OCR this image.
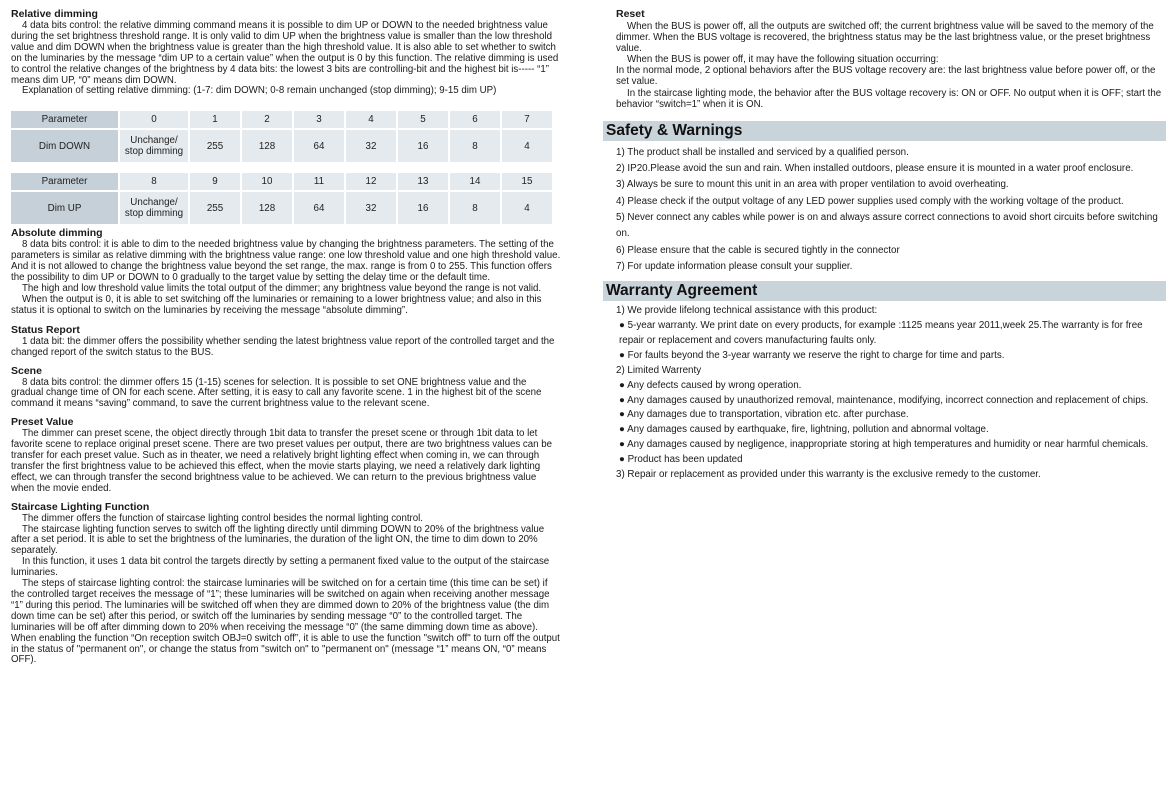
Relative dimming

4 data bits control: the relative dimming command means it is possible to dim UP or DOWN to the needed brightness value during the set brightness threshold range. It is only valid to dim UP when the brightness value is smaller than the low threshold value and dim DOWN when the brightness value is greater than the high threshold value. It is also able to set whether to switch on the luminaries by the message “dim UP to a certain value” when the output is 0 by this function. The relative dimming is used to control the relative changes of the brightness by 4 data bits: the lowest 3 bits are controlling-bit and the highest bit is----- “1” means dim UP, “0” means dim DOWN.

Explanation of setting relative dimming: (1-7: dim DOWN; 0-8 remain unchanged (stop dimming); 9-15 dim UP)

Parameter	0	1	2	3	4	5	6	7
Dim DOWN	Unchange/ stop dimming	255	128	64	32	16	8	4
Parameter	8	9	10	11	12	13	14	15
Dim UP	Unchange/ stop dimming	255	128	64	32	16	8	4
Absolute dimming

8 data bits control: it is able to dim to the needed brightness value by changing the brightness parameters. The setting of the parameters is similar as relative dimming with the brightness value range: one low threshold value and one high threshold value. And it is not allowed to change the brightness value beyond the set range, the max. range is from 0 to 255. This function offers the possibility to dim UP or DOWN to 0 gradually to the target value by setting the delay time or the default time.

The high and low threshold value limits the total output of the dimmer; any brightness value beyond the range is not valid.

When the output is 0, it is able to set switching off the luminaries or remaining to a lower brightness value; and also in this status it is optional to switch on the luminaries by receiving the message “absolute dimming”.

Status Report

1 data bit: the dimmer offers the possibility whether sending the latest brightness value report of the controlled target and the changed report of the switch status to the BUS.

Scene

8 data bits control: the dimmer offers 15 (1-15) scenes for selection. It is possible to set ONE brightness value and the gradual change time of ON for each scene. After setting, it is easy to call any favorite scene. 1 in the highest bit of the scene command it means “saving” command, to save the current brightness value to the relevant scene.

Preset Value

The dimmer can preset scene, the object directly through 1bit data to transfer the preset scene or through 1bit data to let favorite scene to replace original preset scene. There are two preset values per output, there are two brightness values can be transfer for each preset value. Such as in theater, we need a relatively bright lighting effect when coming in, we can through transfer the first brightness value to be achieved this effect, when the movie starts playing, we need a relatively dark lighting effect, we can through transfer the second brightness value to be achieved. We can return to the previous brightness value when the movie ended.

Staircase Lighting Function

The dimmer offers the function of staircase lighting control besides the normal lighting control.

The staircase lighting function serves to switch off the lighting directly until dimming DOWN to 20% of the brightness value after a set period. It is able to set the brightness of the luminaries, the duration of the light ON, the time to dim down to 20% separately.

In this function, it uses 1 data bit control the targets directly by setting a permanent fixed value to the output of the staircase luminaries.

The steps of staircase lighting control: the staircase luminaries will be switched on for a certain time (this time can be set) if the controlled target receives the message of “1”; these luminaries will be switched on again when receiving another message “1” during this period. The luminaries will be switched off when they are dimmed down to 20% of the brightness value (the dim down time can be set) after this period, or switch off the luminaries by sending message “0” to the controlled target. The luminaries will be off after dimming down to 20% when receiving the message “0” (the same dimming down time as above). When enabling the function “On reception switch OBJ=0 switch off”, it is able to use the function "switch off" to turn off the output in the status of "permanent on", or change the status from "switch on" to "permanent on" (message “1” means ON, “0” means OFF).

Reset

When the BUS is power off, all the outputs are switched off; the current brightness value will be saved to the memory of the dimmer. When the BUS voltage is recovered, the brightness status may be the last brightness value, or the preset brightness value.

When the BUS is power off, it may have the following situation occurring:

In the normal mode, 2 optional behaviors after the BUS voltage recovery are: the last brightness value before power off, or the set value.

In the staircase lighting mode, the behavior after the BUS voltage recovery is: ON or OFF. No output when it is OFF; start the behavior “switch=1” when it is ON.

Safety & Warnings

1) The product shall be installed and serviced by a qualified person.

2) IP20.Please avoid the sun and rain. When installed outdoors, please ensure it is mounted in a water proof enclosure.

3) Always be sure to mount this unit in an area with proper ventilation to avoid overheating.

4) Please check if the output voltage of any LED power supplies used comply with the working voltage of the product.

5) Never connect any cables while power is on and always assure correct connections to avoid short circuits before switching on.

6) Please ensure that the cable is secured tightly in the connector

7) For update information please consult your supplier.

Warranty Agreement

1) We provide lifelong technical assistance with this product:

● 5-year warranty. We print date on every products, for example :1125 means year 2011,week 25.The warranty is for free repair or replacement and covers manufacturing faults only.

● For faults beyond the 3-year warranty we reserve the right to charge for time and parts.

2) Limited Warrenty

● Any defects caused by wrong operation.

● Any damages caused by unauthorized removal, maintenance, modifying, incorrect connection and replacement of chips.

● Any damages due to transportation, vibration etc. after purchase.

● Any damages caused by earthquake, fire, lightning, pollution and abnormal voltage.

● Any damages caused by negligence, inappropriate storing at high temperatures and humidity or near harmful chemicals.

● Product has been updated

3) Repair or replacement as provided under this warranty is the exclusive remedy to the customer.
